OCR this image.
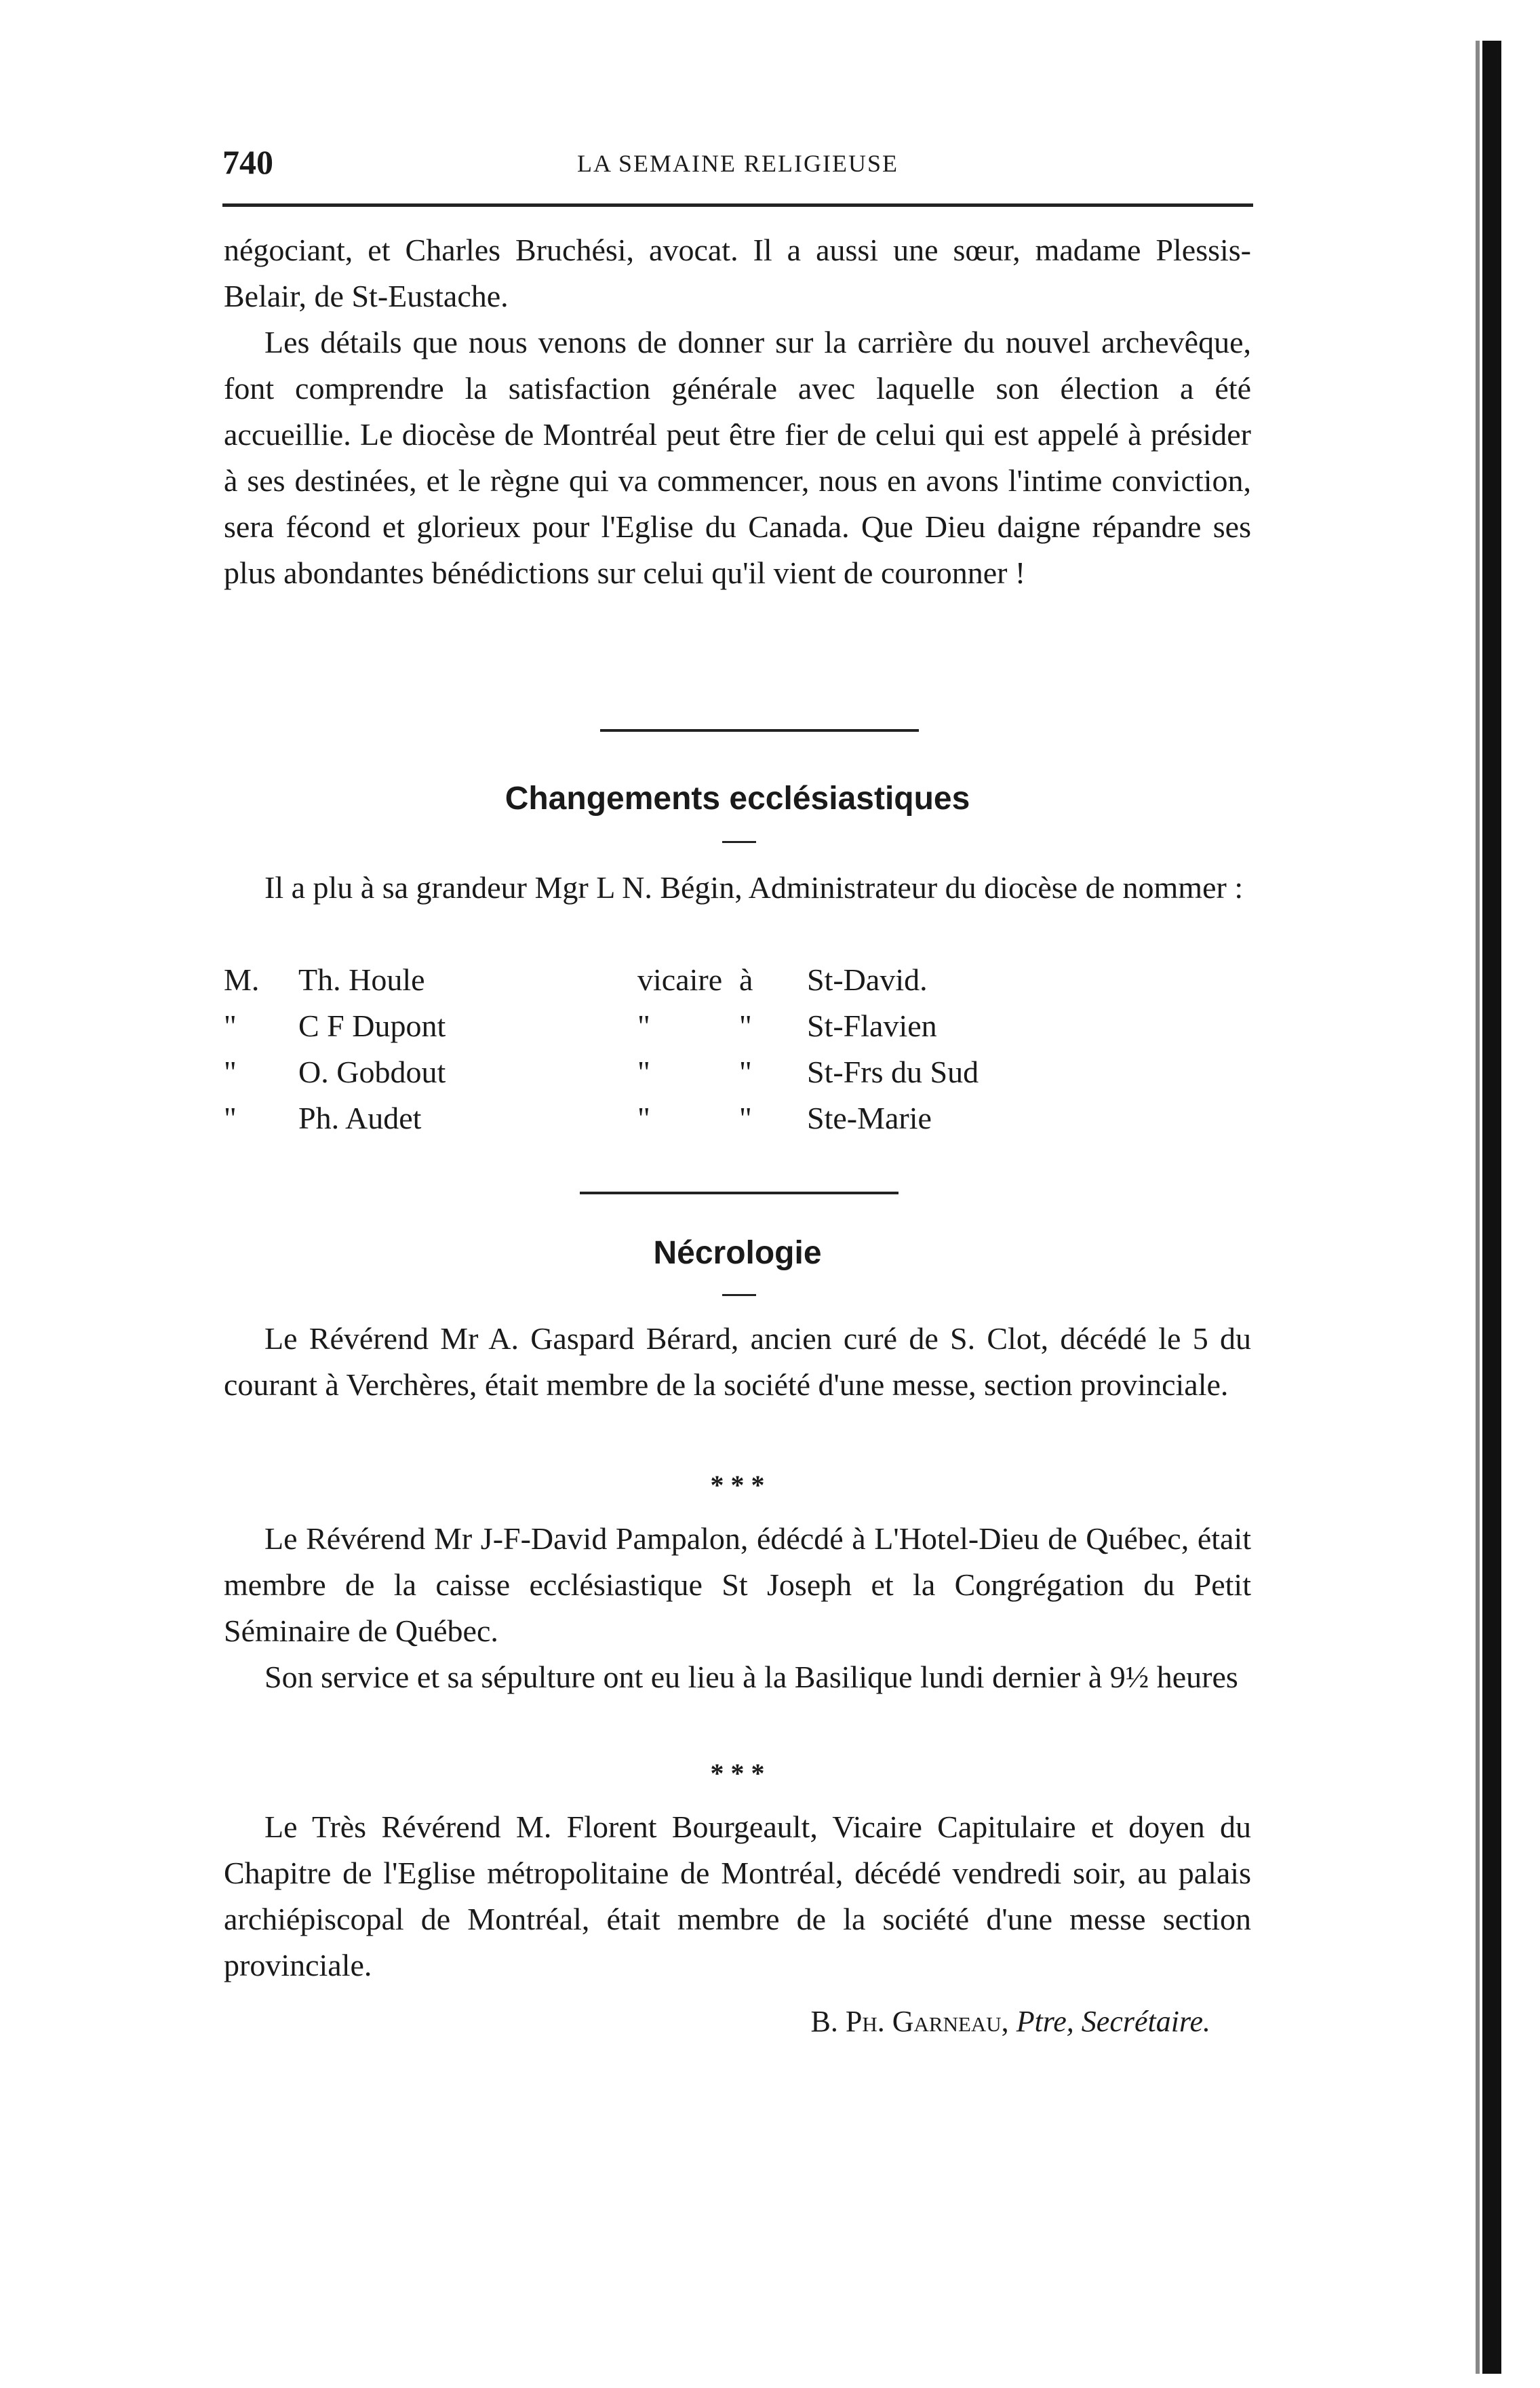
740	LA SEMAINE RELIGIEUSE

négociant, et Charles Bruchési, avocat. Il a aussi une sœur, madame Plessis-Belair, de St-Eustache.

Les détails que nous venons de donner sur la carrière du nouvel archevêque, font comprendre la satisfaction générale avec laquelle son élection a été accueillie. Le diocèse de Montréal peut être fier de celui qui est appelé à présider à ses destinées, et le règne qui va commencer, nous en avons l'intime conviction, sera fécond et glorieux pour l'Eglise du Canada. Que Dieu daigne répandre ses plus abondantes bénédictions sur celui qu'il vient de couronner !

Changements ecclésiastiques

Il a plu à sa grandeur Mgr L N. Bégin, Administrateur du diocèse de nommer :

M.	Th. Houle	vicaire à	St-David.
"	C F Dupont	"	"	St-Flavien
"	O. Gobdout	"	"	St-Frs du Sud
"	Ph. Audet	"	"	Ste-Marie
Nécrologie

Le Révérend Mr A. Gaspard Bérard, ancien curé de S. Clot, décédé le 5 du courant à Verchères, était membre de la société d'une messe, section provinciale.

* * *

Le Révérend Mr J-F-David Pampalon, édécdé à L'Hotel-Dieu de Québec, était membre de la caisse ecclésiastique St Joseph et la Congrégation du Petit Séminaire de Québec.

Son service et sa sépulture ont eu lieu à la Basilique lundi dernier à 9½ heures

* * *

Le Très Révérend M. Florent Bourgeault, Vicaire Capitulaire et doyen du Chapitre de l'Eglise métropolitaine de Montréal, décédé vendredi soir, au palais archiépiscopal de Montréal, était membre de la société d'une messe section provinciale.

B. Ph. Garneau, Ptre, Secrétaire.
